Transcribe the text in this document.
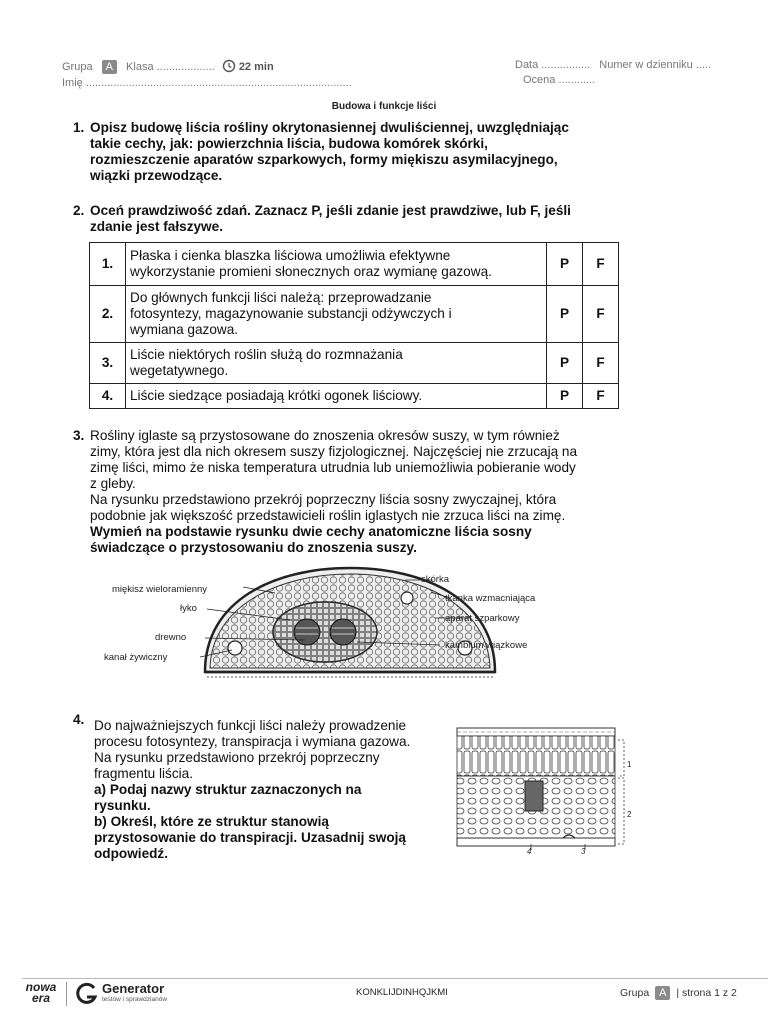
Grupa A Klasa ................... 22 min
Imię .......................................................................................
Data ................ Numer w dzienniku .....
Ocena ............
Budowa i funkcje liści
1. Opisz budowę liścia rośliny okrytonasiennej dwuliściennej, uwzględniając
takie cechy, jak: powierzchnia liścia, budowa komórek skórki,
rozmieszczenie aparatów szparkowych, formy miękiszu asymilacyjnego,
wiązki przewodzące.
2. Oceń prawdziwość zdań. Zaznacz P, jeśli zdanie jest prawdziwe, lub F, jeśli
zdanie jest fałszywe.
1.	Płaska i cienka blaszka liściowa umożliwia efektywne
wykorzystanie promieni słonecznych oraz wymianę gazową.	P	F
2.	Do głównych funkcji liści należą: przeprowadzanie
fotosyntezy, magazynowanie substancji odżywczych i
wymiana gazowa.	P	F
3.	Liście niektórych roślin służą do rozmnażania
wegetatywnego.	P	F
4.	Liście siedzące posiadają krótki ogonek liściowy.	P	F
3. Rośliny iglaste są przystosowane do znoszenia okresów suszy, w tym również
zimy, która jest dla nich okresem suszy fizjologicznej. Najczęściej nie zrzucają na
zimę liści, mimo że niska temperatura utrudnia lub uniemożliwia pobieranie wody
z gleby.
Na rysunku przedstawiono przekrój poprzeczny liścia sosny zwyczajnej, która
podobnie jak większość przedstawicieli roślin iglastych nie zrzuca liści na zimę.
Wymień na podstawie rysunku dwie cechy anatomiczne liścia sosny
świadczące o przystosowaniu do znoszenia suszy.
miękisz wieloramienny
łyko
drewno
kanał żywiczny
skórka
tkanka wzmacniająca
aparat szparkowy
kambium wiązkowe
4. Do najważniejszych funkcji liści należy prowadzenie
procesu fotosyntezy, transpiracja i wymiana gazowa.
Na rysunku przedstawiono przekrój poprzeczny
fragmentu liścia.
a) Podaj nazwy struktur zaznaczonych na
rysunku.
b) Określ, które ze struktur stanowią
przystosowanie do transpiracji. Uzasadnij swoją
odpowiedź.
1
2
4	3
nowa
era
Generator
testów i sprawdzianów
KONKLIJDINHQJKMI	Grupa A | strona 1 z 2
